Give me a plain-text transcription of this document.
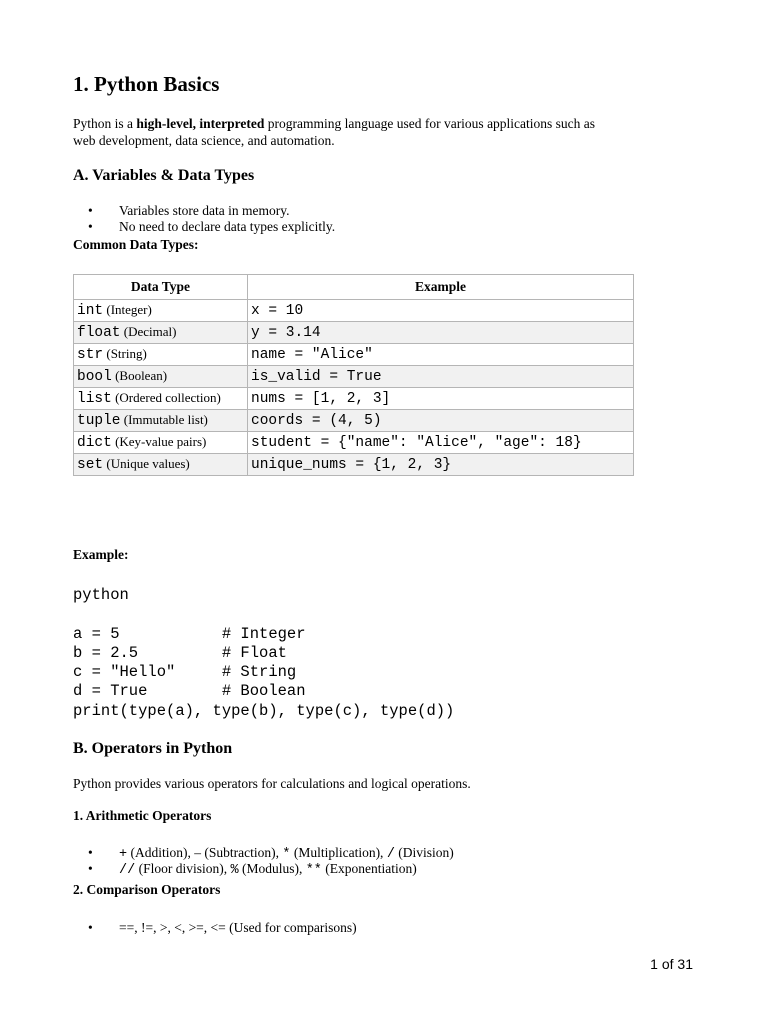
1. Python Basics

Python is a high-level, interpreted programming language used for various applications such as
web development, data science, and automation.

A. Variables & Data Types
• Variables store data in memory.
• No need to declare data types explicitly.
Common Data Types:
Data Type	Example
int (Integer)	x = 10
float (Decimal)	y = 3.14
str (String)	name = "Alice"
bool (Boolean)	is_valid = True
list (Ordered collection)	nums = [1, 2, 3]
tuple (Immutable list)	coords = (4, 5)
dict (Key-value pairs)	student = {"name": "Alice", "age": 18}
set (Unique values)	unique_nums = {1, 2, 3}
Example:
python
a = 5           # Integer
b = 2.5         # Float
c = "Hello"     # String
d = True        # Boolean
print(type(a), type(b), type(c), type(d))
B. Operators in Python

Python provides various operators for calculations and logical operations.

1. Arithmetic Operators
• + (Addition), – (Subtraction), * (Multiplication), / (Division)
• // (Floor division), % (Modulus), ** (Exponentiation)
2. Comparison Operators
• ==, !=, >, <, >=, <= (Used for comparisons)
1 of 31
